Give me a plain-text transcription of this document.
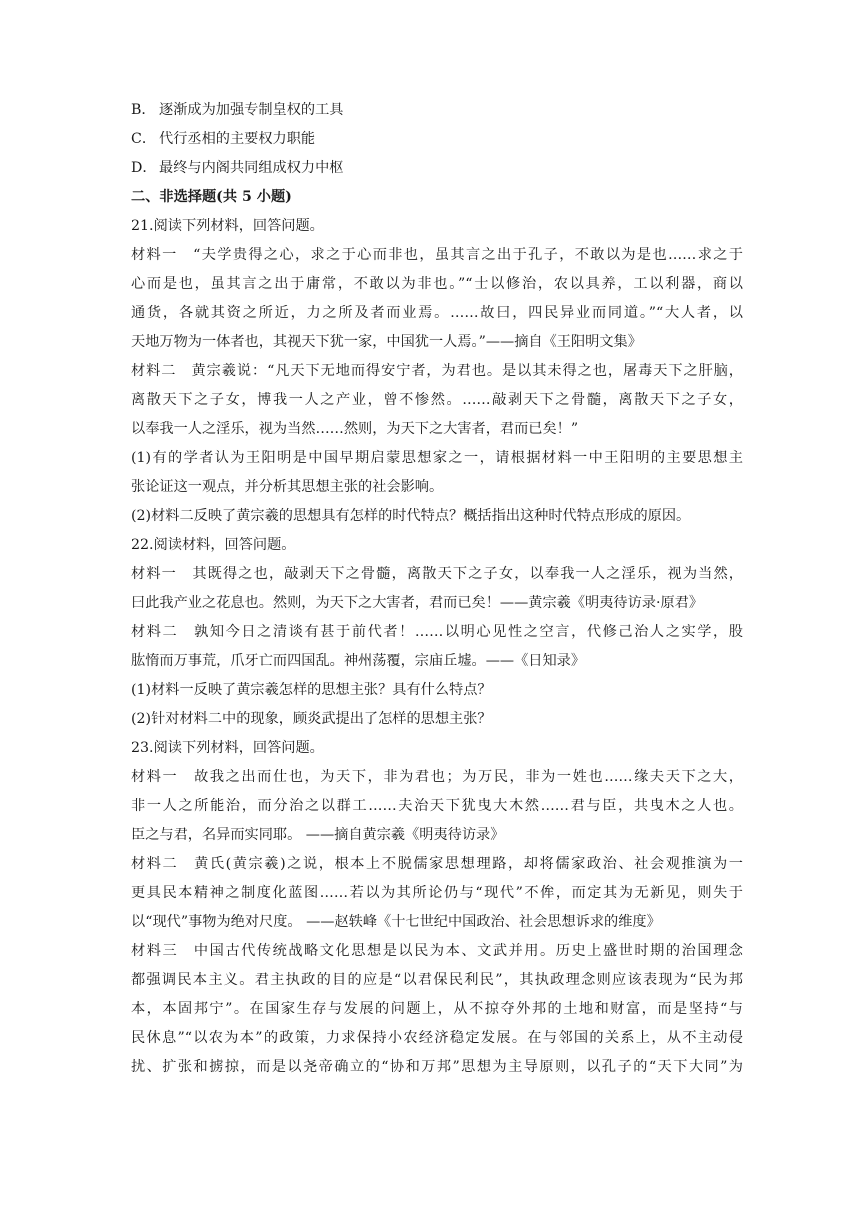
B． 逐渐成为加强专制皇权的工具
C． 代行丞相的主要权力职能
D． 最终与内阁共同组成权力中枢
二、非选择题(共 5 小题)
21.阅读下列材料，回答问题。
材料一　“夫学贵得之心，求之于心而非也，虽其言之出于孔子，不敢以为是也……求之于
心而是也，虽其言之出于庸常，不敢以为非也。”“士以修治，农以具养，工以利器，商以
通货，各就其资之所近，力之所及者而业焉。……故曰，四民异业而同道。”“大人者，以
天地万物为一体者也，其视天下犹一家，中国犹一人焉。”——摘自《王阳明文集》
材料二　黄宗羲说：“凡天下无地而得安宁者，为君也。是以其未得之也，屠毒天下之肝脑，
离散天下之子女，博我一人之产业，曾不惨然。……敲剥天下之骨髓，离散天下之子女，
以奉我一人之淫乐，视为当然……然则，为天下之大害者，君而已矣！”
(1)有的学者认为王阳明是中国早期启蒙思想家之一，请根据材料一中王阳明的主要思想主
张论证这一观点，并分析其思想主张的社会影响。
(2)材料二反映了黄宗羲的思想具有怎样的时代特点？概括指出这种时代特点形成的原因。
22.阅读材料，回答问题。
材料一　其既得之也，敲剥天下之骨髓，离散天下之子女，以奉我一人之淫乐，视为当然，
曰此我产业之花息也。然则，为天下之大害者，君而已矣！——黄宗羲《明夷待访录·原君》
材料二　孰知今日之清谈有甚于前代者！……以明心见性之空言，代修己治人之实学，股
肱惰而万事荒，爪牙亡而四国乱。神州荡覆，宗庙丘墟。——《日知录》
(1)材料一反映了黄宗羲怎样的思想主张？具有什么特点？
(2)针对材料二中的现象，顾炎武提出了怎样的思想主张？
23.阅读下列材料，回答问题。
材料一　故我之出而仕也，为天下，非为君也；为万民，非为一姓也……缘夫天下之大，
非一人之所能治，而分治之以群工……夫治天下犹曳大木然……君与臣，共曳木之人也。
臣之与君，名异而实同耶。 ——摘自黄宗羲《明夷待访录》
材料二　黄氏(黄宗羲)之说，根本上不脱儒家思想理路，却将儒家政治、社会观推演为一
更具民本精神之制度化蓝图……若以为其所论仍与“现代”不侔，而定其为无新见，则失于
以“现代”事物为绝对尺度。 ——赵轶峰《十七世纪中国政治、社会思想诉求的维度》
材料三　中国古代传统战略文化思想是以民为本、文武并用。历史上盛世时期的治国理念
都强调民本主义。君主执政的目的应是“以君保民利民”，其执政理念则应该表现为“民为邦
本，本固邦宁”。在国家生存与发展的问题上，从不掠夺外邦的土地和财富，而是坚持“与
民休息”“以农为本”的政策，力求保持小农经济稳定发展。在与邻国的关系上，从不主动侵
扰、扩张和掳掠，而是以尧帝确立的“协和万邦”思想为主导原则，以孔子的“天下大同”为
